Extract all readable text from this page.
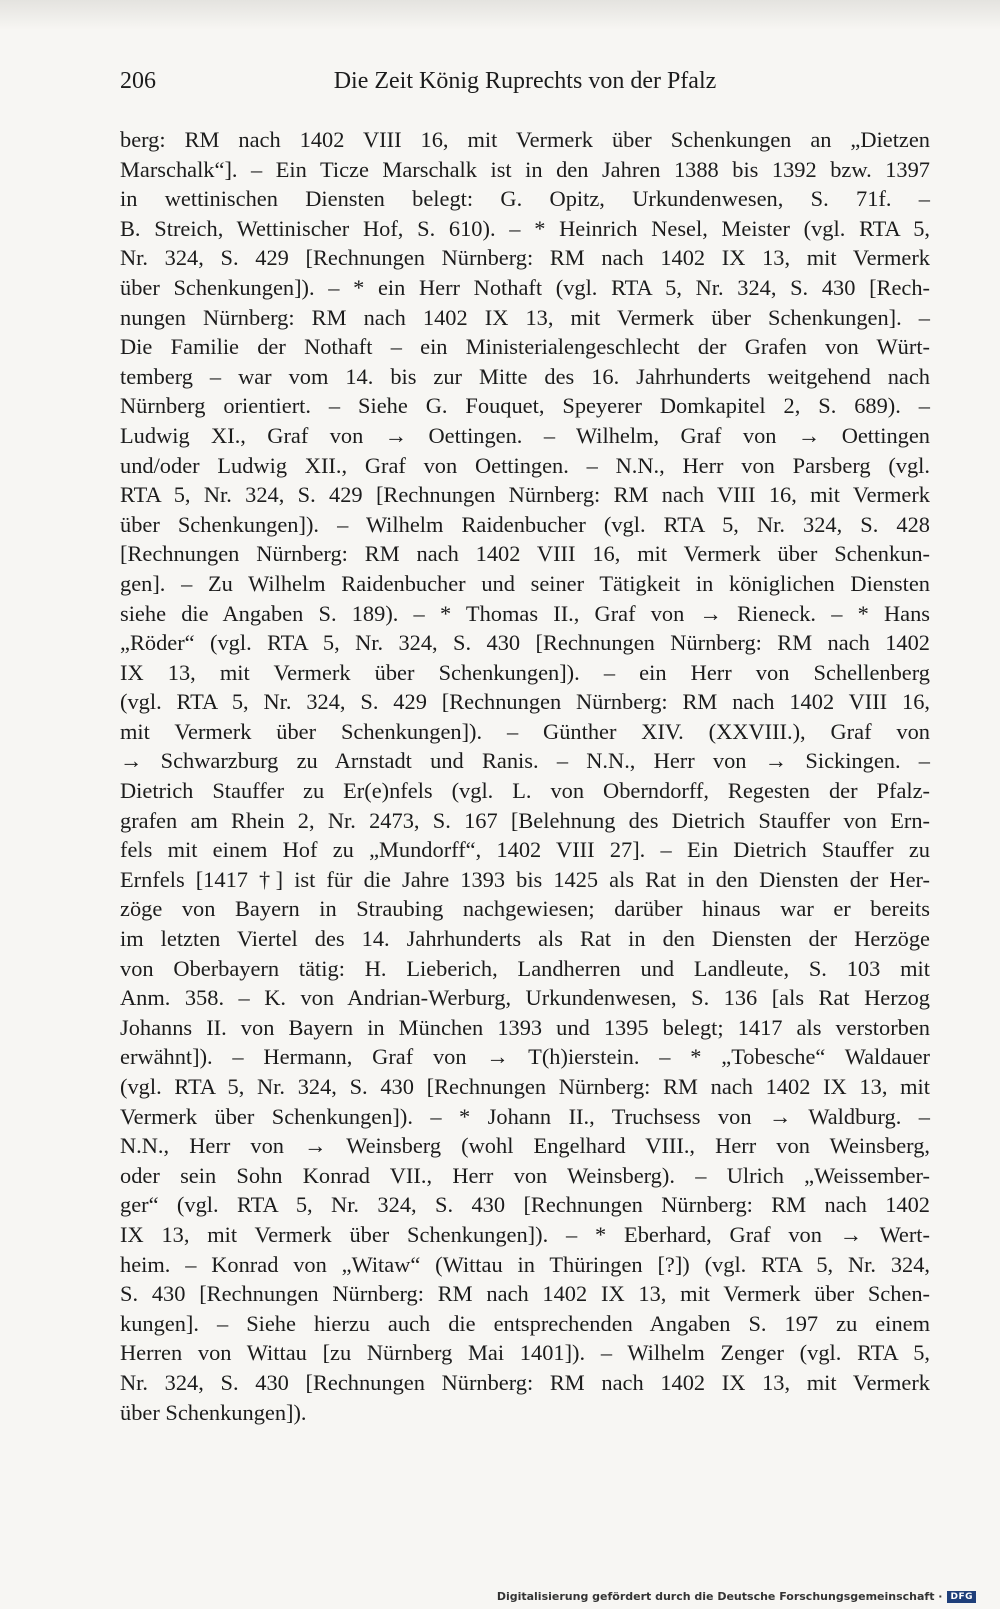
206	Die Zeit König Ruprechts von der Pfalz
berg: RM nach 1402 VIII 16, mit Vermerk über Schenkungen an „Dietzen
Marschalk“]. – Ein Ticze Marschalk ist in den Jahren 1388 bis 1392 bzw. 1397
in wettinischen Diensten belegt: G. Opitz, Urkundenwesen, S. 71f. –
B. Streich, Wettinischer Hof, S. 610). – * Heinrich Nesel, Meister (vgl. RTA 5,
Nr. 324, S. 429 [Rechnungen Nürnberg: RM nach 1402 IX 13, mit Vermerk
über Schenkungen]). – * ein Herr Nothaft (vgl. RTA 5, Nr. 324, S. 430 [Rech-
nungen Nürnberg: RM nach 1402 IX 13, mit Vermerk über Schenkungen]. –
Die Familie der Nothaft – ein Ministerialengeschlecht der Grafen von Würt-
temberg – war vom 14. bis zur Mitte des 16. Jahrhunderts weitgehend nach
Nürnberg orientiert. – Siehe G. Fouquet, Speyerer Domkapitel 2, S. 689). –
Ludwig XI., Graf von → Oettingen. – Wilhelm, Graf von → Oettingen
und/oder Ludwig XII., Graf von Oettingen. – N.N., Herr von Parsberg (vgl.
RTA 5, Nr. 324, S. 429 [Rechnungen Nürnberg: RM nach VIII 16, mit Vermerk
über Schenkungen]). – Wilhelm Raidenbucher (vgl. RTA 5, Nr. 324, S. 428
[Rechnungen Nürnberg: RM nach 1402 VIII 16, mit Vermerk über Schenkun-
gen]. – Zu Wilhelm Raidenbucher und seiner Tätigkeit in königlichen Diensten
siehe die Angaben S. 189). – * Thomas II., Graf von → Rieneck. – * Hans
„Röder“ (vgl. RTA 5, Nr. 324, S. 430 [Rechnungen Nürnberg: RM nach 1402
IX 13, mit Vermerk über Schenkungen]). – ein Herr von Schellenberg
(vgl. RTA 5, Nr. 324, S. 429 [Rechnungen Nürnberg: RM nach 1402 VIII 16,
mit Vermerk über Schenkungen]). – Günther XIV. (XXVIII.), Graf von
→ Schwarzburg zu Arnstadt und Ranis. – N.N., Herr von → Sickingen. –
Dietrich Stauffer zu Er(e)nfels (vgl. L. von Oberndorff, Regesten der Pfalz-
grafen am Rhein 2, Nr. 2473, S. 167 [Belehnung des Dietrich Stauffer von Ern-
fels mit einem Hof zu „Mundorff“, 1402 VIII 27]. – Ein Dietrich Stauffer zu
Ernfels [1417 †] ist für die Jahre 1393 bis 1425 als Rat in den Diensten der Her-
zöge von Bayern in Straubing nachgewiesen; darüber hinaus war er bereits
im letzten Viertel des 14. Jahrhunderts als Rat in den Diensten der Herzöge
von Oberbayern tätig: H. Lieberich, Landherren und Landleute, S. 103 mit
Anm. 358. – K. von Andrian-Werburg, Urkundenwesen, S. 136 [als Rat Herzog
Johanns II. von Bayern in München 1393 und 1395 belegt; 1417 als verstorben
erwähnt]). – Hermann, Graf von → T(h)ierstein. – * „Tobesche“ Waldauer
(vgl. RTA 5, Nr. 324, S. 430 [Rechnungen Nürnberg: RM nach 1402 IX 13, mit
Vermerk über Schenkungen]). – * Johann II., Truchsess von → Waldburg. –
N.N., Herr von → Weinsberg (wohl Engelhard VIII., Herr von Weinsberg,
oder sein Sohn Konrad VII., Herr von Weinsberg). – Ulrich „Weissember-
ger“ (vgl. RTA 5, Nr. 324, S. 430 [Rechnungen Nürnberg: RM nach 1402
IX 13, mit Vermerk über Schenkungen]). – * Eberhard, Graf von → Wert-
heim. – Konrad von „Witaw“ (Wittau in Thüringen [?]) (vgl. RTA 5, Nr. 324,
S. 430 [Rechnungen Nürnberg: RM nach 1402 IX 13, mit Vermerk über Schen-
kungen]. – Siehe hierzu auch die entsprechenden Angaben S. 197 zu einem
Herren von Wittau [zu Nürnberg Mai 1401]). – Wilhelm Zenger (vgl. RTA 5,
Nr. 324, S. 430 [Rechnungen Nürnberg: RM nach 1402 IX 13, mit Vermerk
über Schenkungen]).
Digitalisierung gefördert durch die Deutsche Forschungsgemeinschaft · DFG
